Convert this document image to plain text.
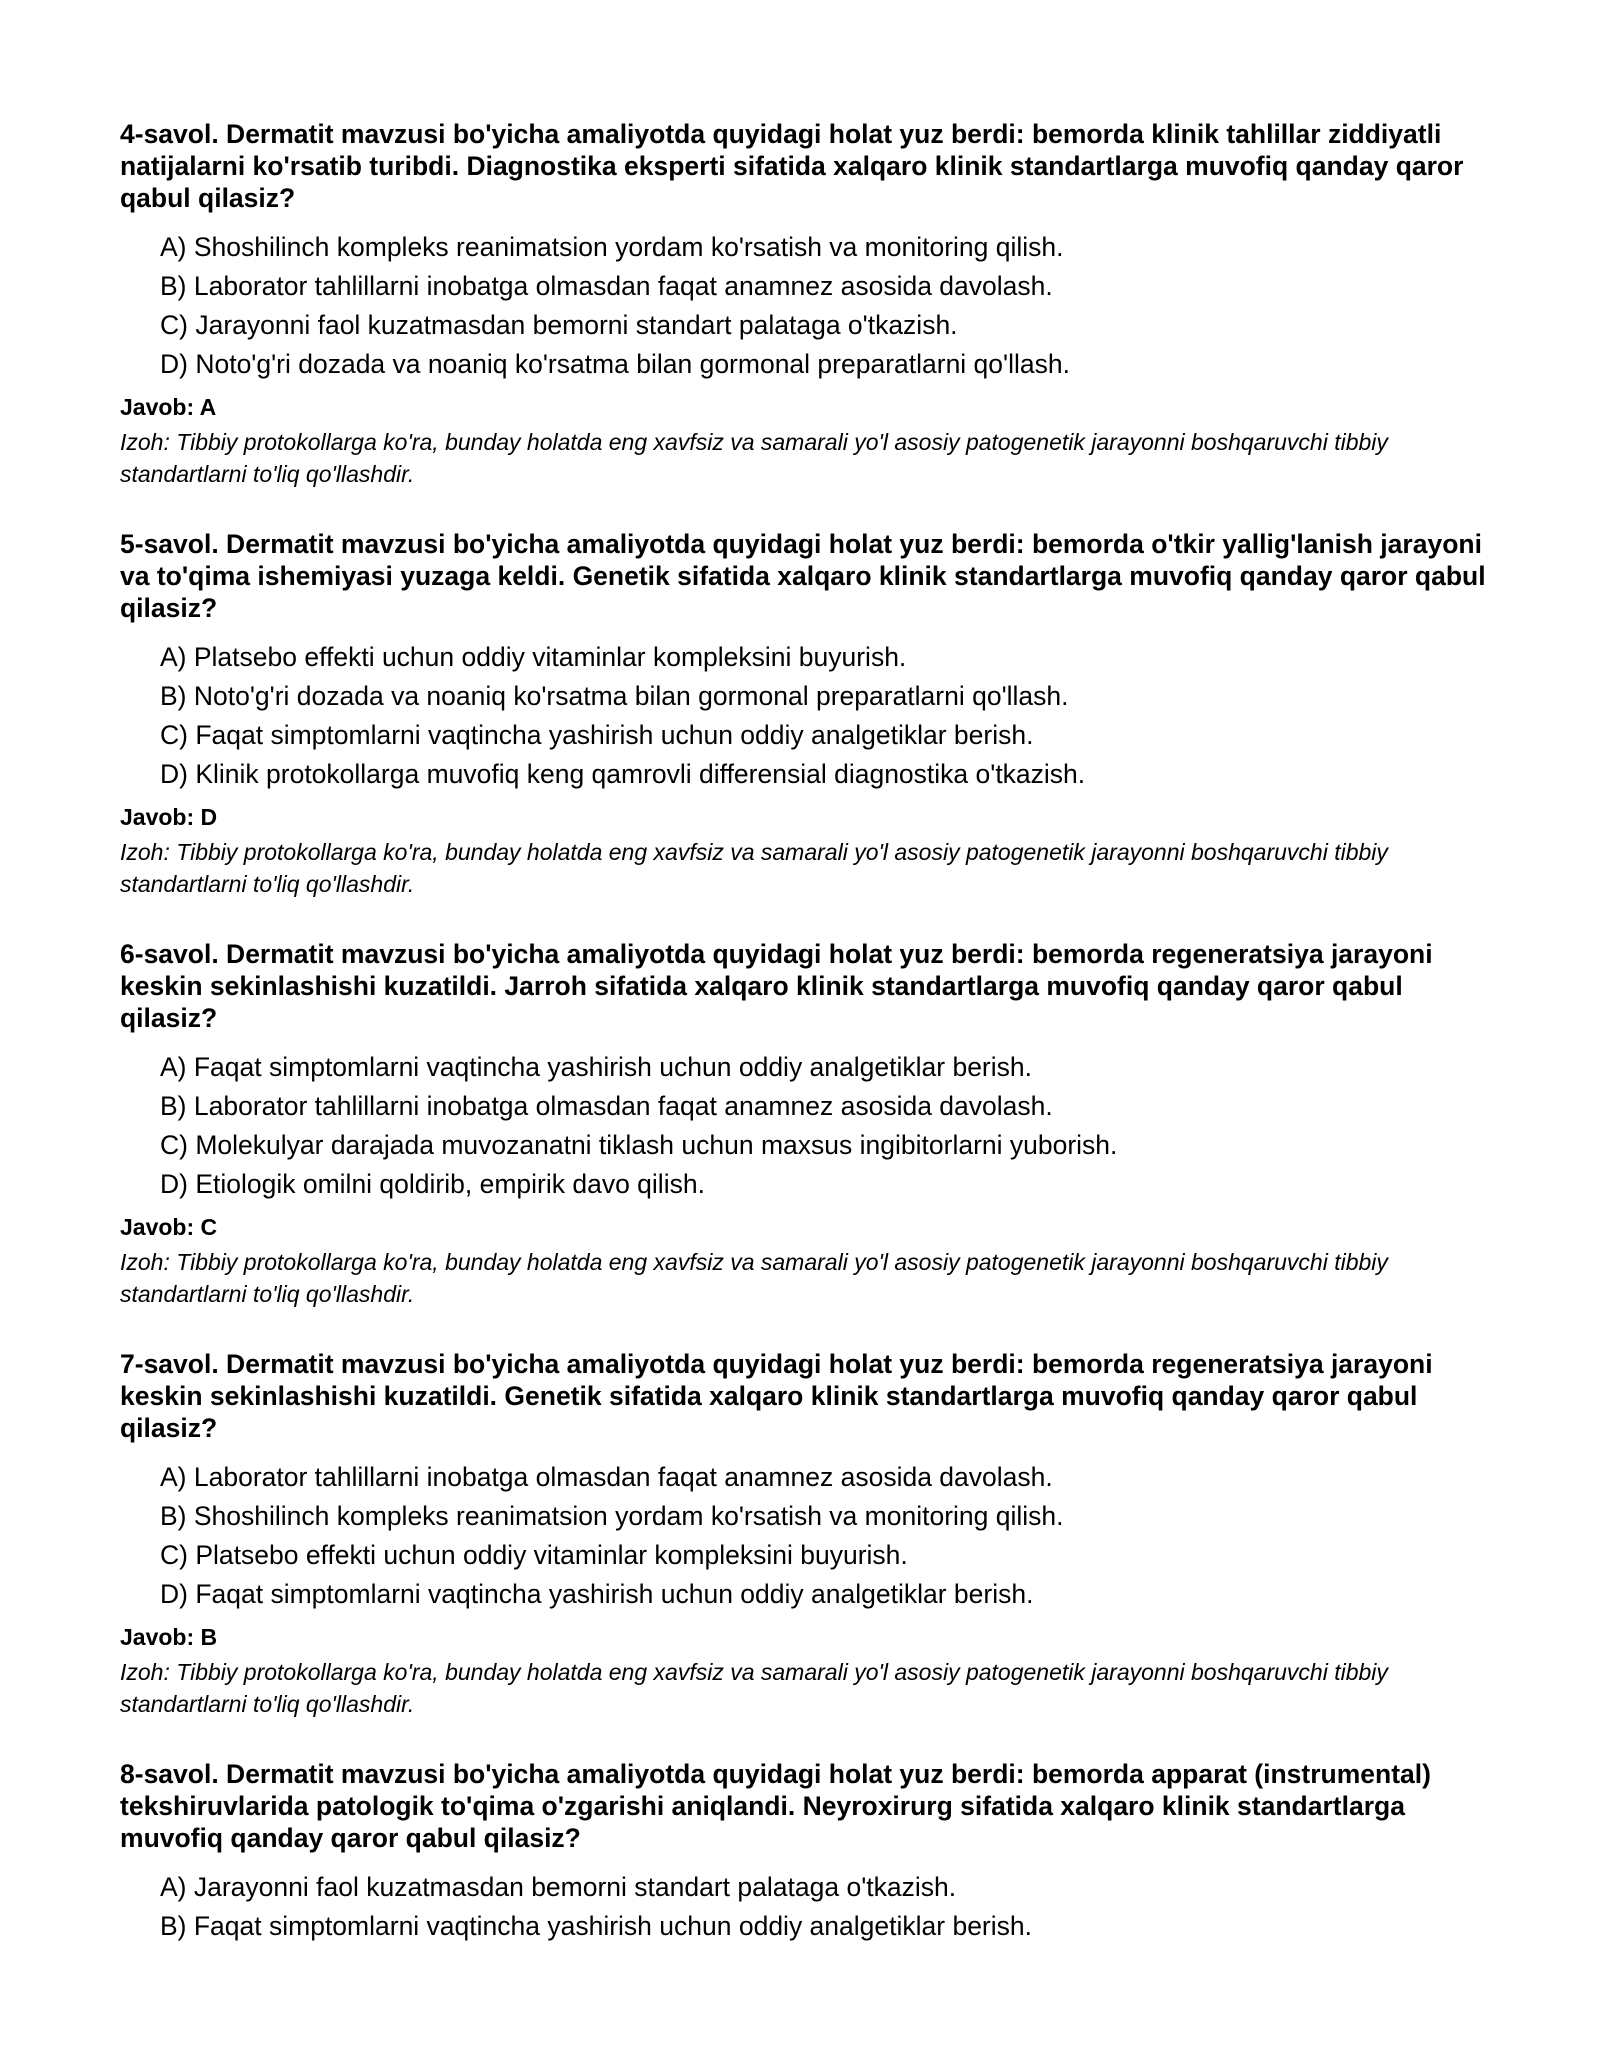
4-savol. Dermatit mavzusi bo'yicha amaliyotda quyidagi holat yuz berdi: bemorda klinik tahlillar ziddiyatli natijalarni ko'rsatib turibdi. Diagnostika eksperti sifatida xalqaro klinik standartlarga muvofiq qanday qaror qabul qilasiz?

A) Shoshilinch kompleks reanimatsion yordam ko'rsatish va monitoring qilish.
B) Laborator tahlillarni inobatga olmasdan faqat anamnez asosida davolash.
C) Jarayonni faol kuzatmasdan bemorni standart palataga o'tkazish.
D) Noto'g'ri dozada va noaniq ko'rsatma bilan gormonal preparatlarni qo'llash.

Javob: A

Izoh: Tibbiy protokollarga ko'ra, bunday holatda eng xavfsiz va samarali yo'l asosiy patogenetik jarayonni boshqaruvchi tibbiy standartlarni to'liq qo'llashdir.

5-savol. Dermatit mavzusi bo'yicha amaliyotda quyidagi holat yuz berdi: bemorda o'tkir yallig'lanish jarayoni va to'qima ishemiyasi yuzaga keldi. Genetik sifatida xalqaro klinik standartlarga muvofiq qanday qaror qabul qilasiz?

A) Platsebo effekti uchun oddiy vitaminlar kompleksini buyurish.
B) Noto'g'ri dozada va noaniq ko'rsatma bilan gormonal preparatlarni qo'llash.
C) Faqat simptomlarni vaqtincha yashirish uchun oddiy analgetiklar berish.
D) Klinik protokollarga muvofiq keng qamrovli differensial diagnostika o'tkazish.

Javob: D

Izoh: Tibbiy protokollarga ko'ra, bunday holatda eng xavfsiz va samarali yo'l asosiy patogenetik jarayonni boshqaruvchi tibbiy standartlarni to'liq qo'llashdir.

6-savol. Dermatit mavzusi bo'yicha amaliyotda quyidagi holat yuz berdi: bemorda regeneratsiya jarayoni keskin sekinlashishi kuzatildi. Jarroh sifatida xalqaro klinik standartlarga muvofiq qanday qaror qabul qilasiz?

A) Faqat simptomlarni vaqtincha yashirish uchun oddiy analgetiklar berish.
B) Laborator tahlillarni inobatga olmasdan faqat anamnez asosida davolash.
C) Molekulyar darajada muvozanatni tiklash uchun maxsus ingibitorlarni yuborish.
D) Etiologik omilni qoldirib, empirik davo qilish.

Javob: C

Izoh: Tibbiy protokollarga ko'ra, bunday holatda eng xavfsiz va samarali yo'l asosiy patogenetik jarayonni boshqaruvchi tibbiy standartlarni to'liq qo'llashdir.

7-savol. Dermatit mavzusi bo'yicha amaliyotda quyidagi holat yuz berdi: bemorda regeneratsiya jarayoni keskin sekinlashishi kuzatildi. Genetik sifatida xalqaro klinik standartlarga muvofiq qanday qaror qabul qilasiz?

A) Laborator tahlillarni inobatga olmasdan faqat anamnez asosida davolash.
B) Shoshilinch kompleks reanimatsion yordam ko'rsatish va monitoring qilish.
C) Platsebo effekti uchun oddiy vitaminlar kompleksini buyurish.
D) Faqat simptomlarni vaqtincha yashirish uchun oddiy analgetiklar berish.

Javob: B

Izoh: Tibbiy protokollarga ko'ra, bunday holatda eng xavfsiz va samarali yo'l asosiy patogenetik jarayonni boshqaruvchi tibbiy standartlarni to'liq qo'llashdir.

8-savol. Dermatit mavzusi bo'yicha amaliyotda quyidagi holat yuz berdi: bemorda apparat (instrumental) tekshiruvlarida patologik to'qima o'zgarishi aniqlandi. Neyroxirurg sifatida xalqaro klinik standartlarga muvofiq qanday qaror qabul qilasiz?

A) Jarayonni faol kuzatmasdan bemorni standart palataga o'tkazish.
B) Faqat simptomlarni vaqtincha yashirish uchun oddiy analgetiklar berish.
